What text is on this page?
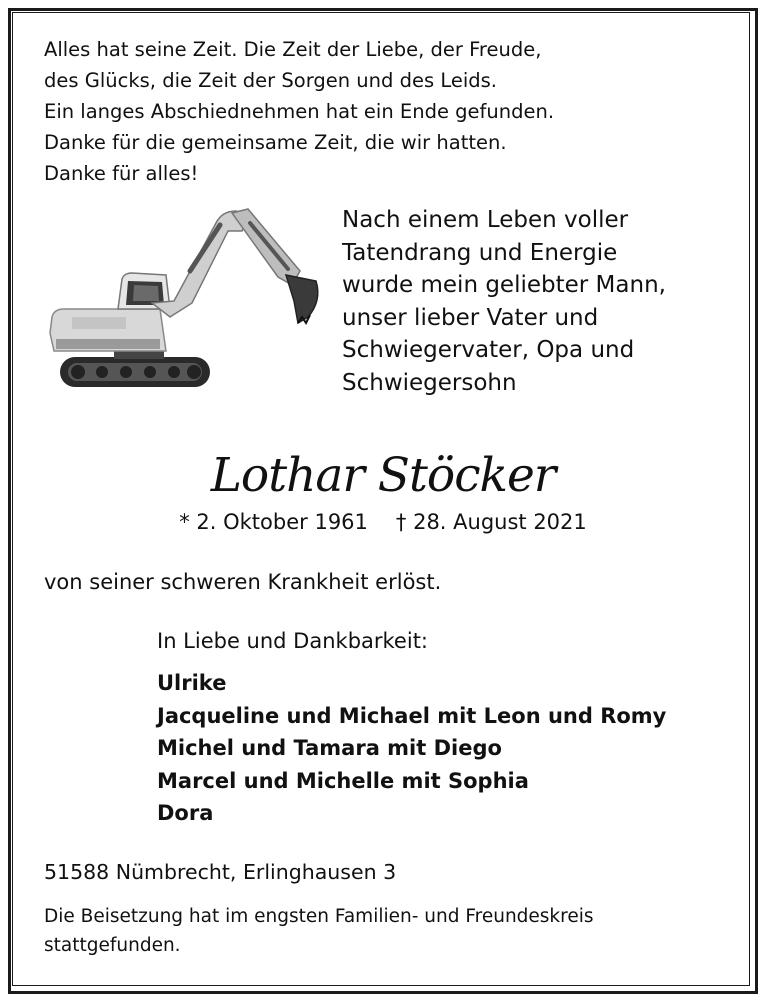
Alles hat seine Zeit. Die Zeit der Liebe, der Freude,
des Glücks, die Zeit der Sorgen und des Leids.
Ein langes Abschiednehmen hat ein Ende gefunden.
Danke für die gemeinsame Zeit, die wir hatten.
Danke für alles!
Nach einem Leben voller
Tatendrang und Energie
wurde mein geliebter Mann,
unser lieber Vater und
Schwiegervater, Opa und
Schwiegersohn
Lothar Stöcker
* 2. Oktober 1961 † 28. August 2021
von seiner schweren Krankheit erlöst.
In Liebe und Dankbarkeit:
Ulrike
Jacqueline und Michael mit Leon und Romy
Michel und Tamara mit Diego
Marcel und Michelle mit Sophia
Dora
51588 Nümbrecht, Erlinghausen 3
Die Beisetzung hat im engsten Familien- und Freundeskreis
stattgefunden.
